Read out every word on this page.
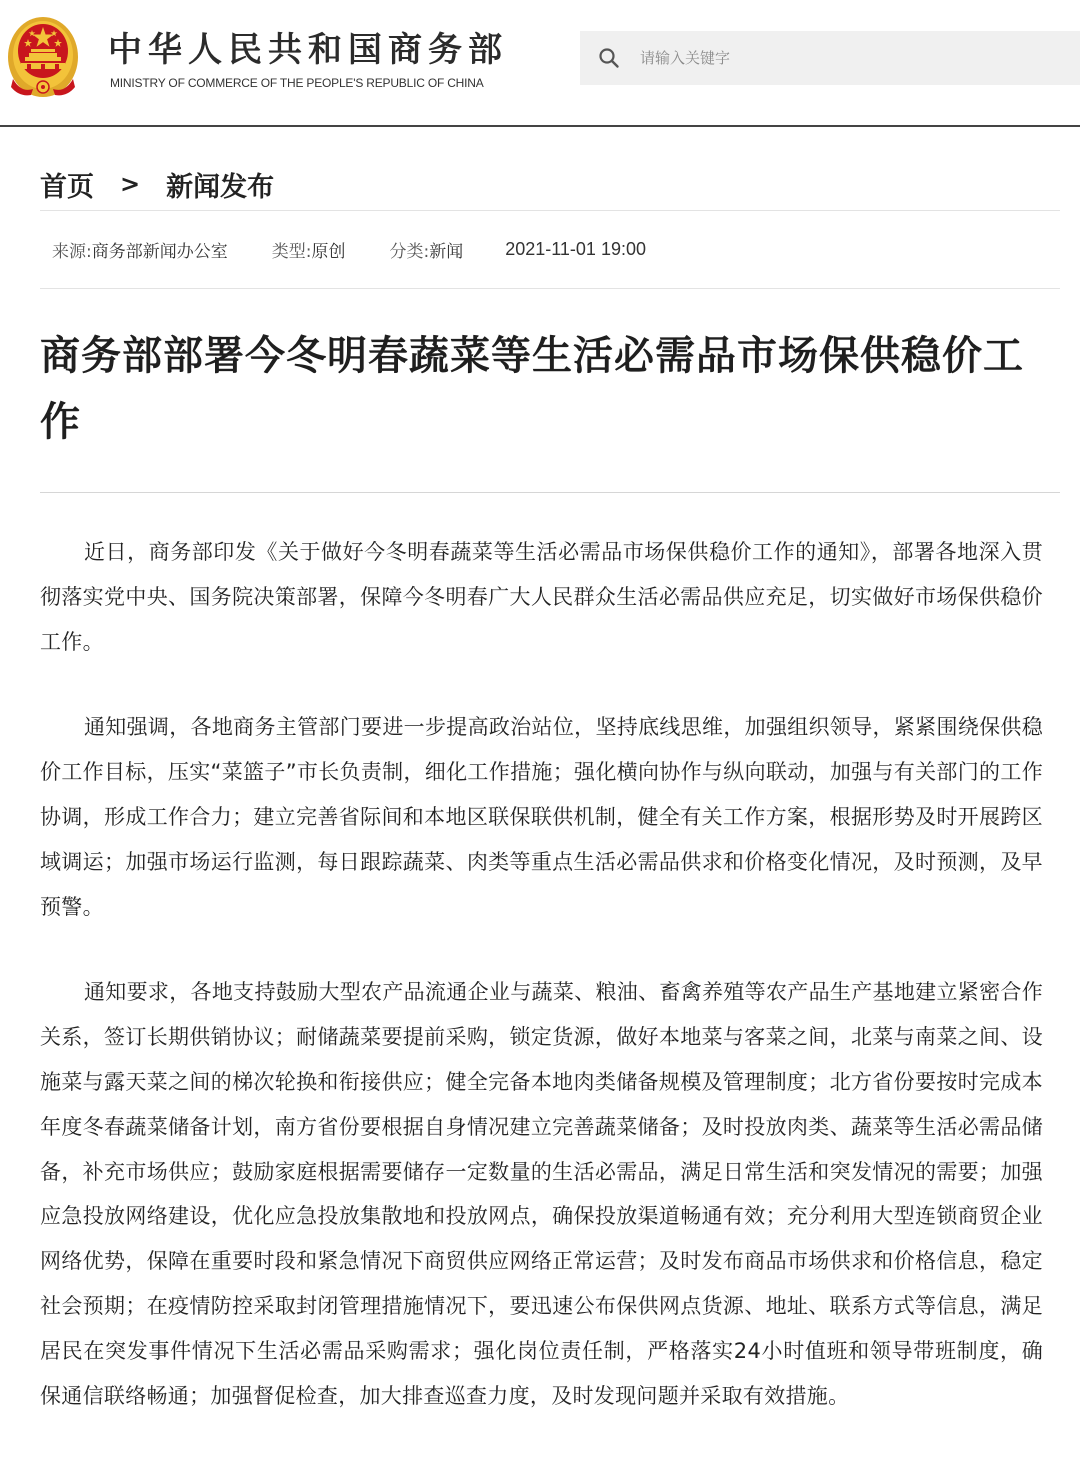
中华人民共和国商务部
MINISTRY OF COMMERCE OF THE PEOPLE'S REPUBLIC OF CHINA
请输入关键字
首页 > 新闻发布
来源: 商务部新闻办公室	类型: 原创	分类: 新闻 2021-11-01 19:00
商务部部署今冬明春蔬菜等生活必需品市场保供稳价工作

近日，商务部印发《关于做好今冬明春蔬菜等生活必需品市场保供稳价工作的通知》，部署各地深入贯彻落实党中央、国务院决策部署，保障今冬明春广大人民群众生活必需品供应充足，切实做好市场保供稳价工作。

通知强调，各地商务主管部门要进一步提高政治站位，坚持底线思维，加强组织领导，紧紧围绕保供稳价工作目标，压实“菜篮子”市长负责制，细化工作措施；强化横向协作与纵向联动，加强与有关部门的工作协调，形成工作合力；建立完善省际间和本地区联保联供机制，健全有关工作方案，根据形势及时开展跨区域调运；加强市场运行监测，每日跟踪蔬菜、肉类等重点生活必需品供求和价格变化情况，及时预测，及早预警。

通知要求，各地支持鼓励大型农产品流通企业与蔬菜、粮油、畜禽养殖等农产品生产基地建立紧密合作关系，签订长期供销协议；耐储蔬菜要提前采购，锁定货源，做好本地菜与客菜之间，北菜与南菜之间、设施菜与露天菜之间的梯次轮换和衔接供应；健全完备本地肉类储备规模及管理制度；北方省份要按时完成本年度冬春蔬菜储备计划，南方省份要根据自身情况建立完善蔬菜储备；及时投放肉类、蔬菜等生活必需品储备，补充市场供应；鼓励家庭根据需要储存一定数量的生活必需品，满足日常生活和突发情况的需要；加强应急投放网络建设，优化应急投放集散地和投放网点，确保投放渠道畅通有效；充分利用大型连锁商贸企业网络优势，保障在重要时段和紧急情况下商贸供应网络正常运营；及时发布商品市场供求和价格信息，稳定社会预期；在疫情防控采取封闭管理措施情况下，要迅速公布保供网点货源、地址、联系方式等信息，满足居民在突发事件情况下生活必需品采购需求；强化岗位责任制，严格落实24小时值班和领导带班制度，确保通信联络畅通；加强督促检查，加大排查巡查力度，及时发现问题并采取有效措施。
